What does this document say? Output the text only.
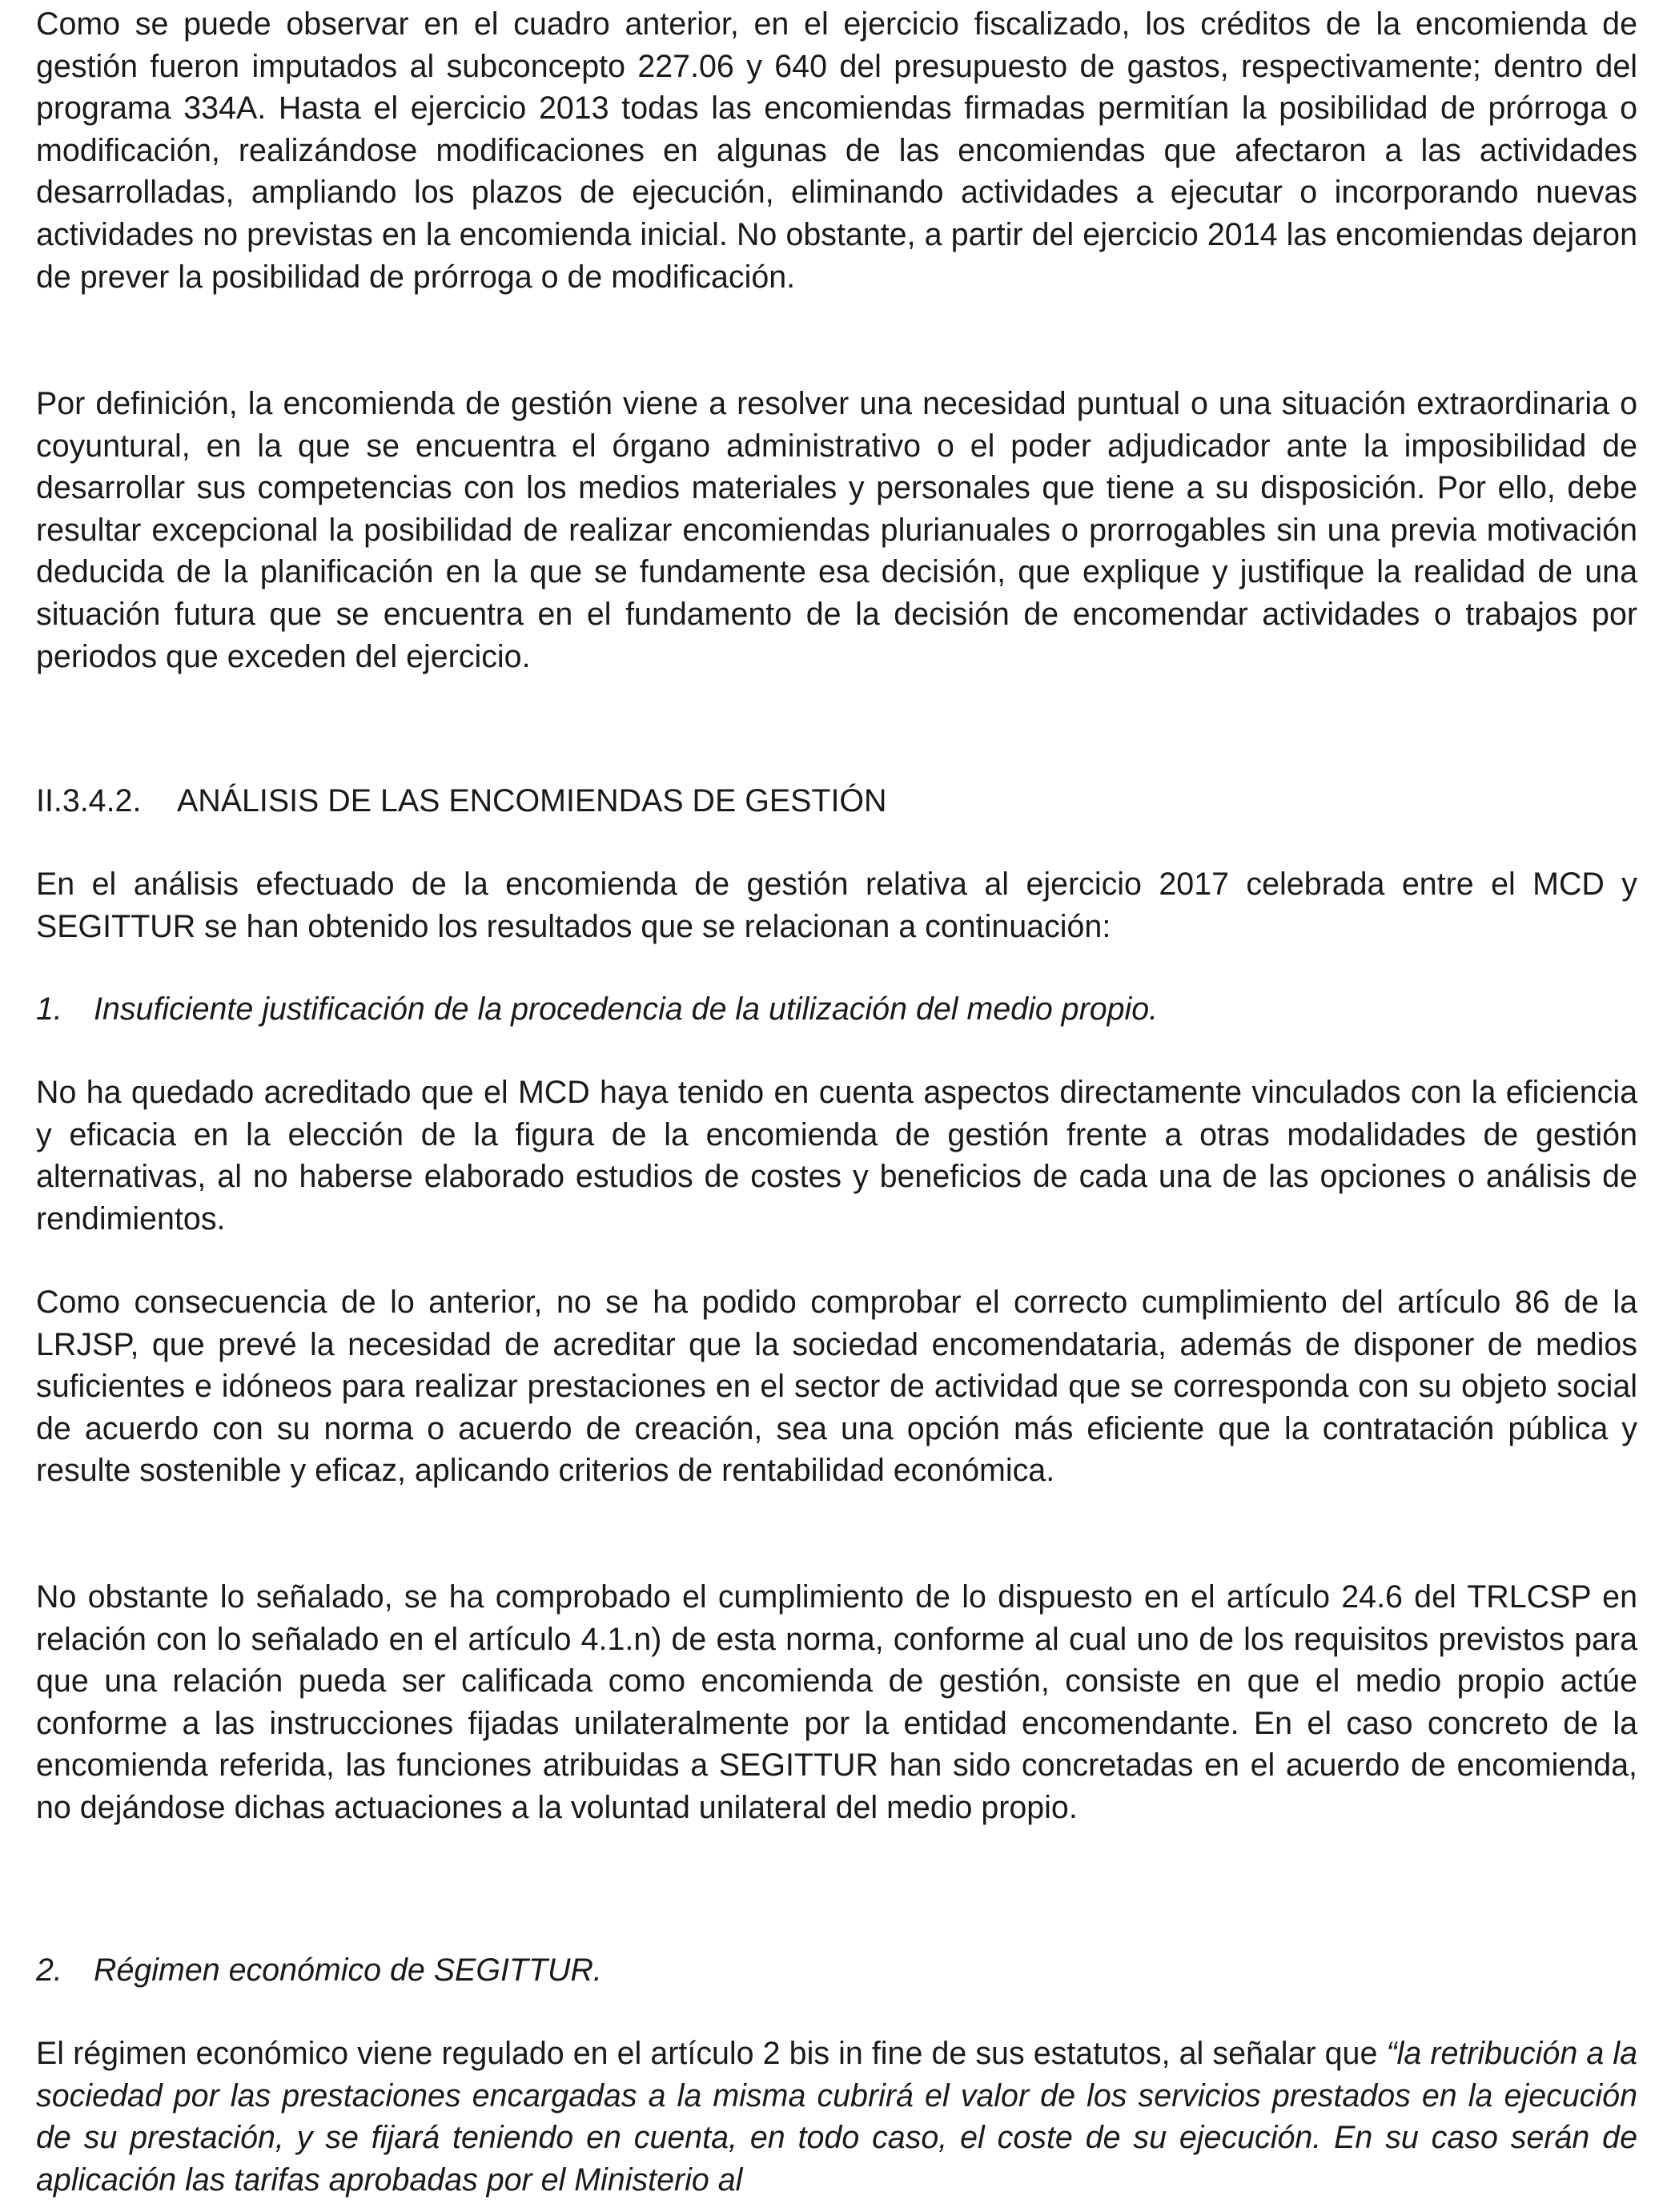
Como se puede observar en el cuadro anterior, en el ejercicio fiscalizado, los créditos de la encomienda de gestión fueron imputados al subconcepto 227.06 y 640 del presupuesto de gastos, respectivamente; dentro del programa 334A. Hasta el ejercicio 2013 todas las encomiendas firmadas permitían la posibilidad de prórroga o modificación, realizándose modificaciones en algunas de las encomiendas que afectaron a las actividades desarrolladas, ampliando los plazos de ejecución, eliminando actividades a ejecutar o incorporando nuevas actividades no previstas en la encomienda inicial. No obstante, a partir del ejercicio 2014 las encomiendas dejaron de prever la posibilidad de prórroga o de modificación.

Por definición, la encomienda de gestión viene a resolver una necesidad puntual o una situación extraordinaria o coyuntural, en la que se encuentra el órgano administrativo o el poder adjudicador ante la imposibilidad de desarrollar sus competencias con los medios materiales y personales que tiene a su disposición. Por ello, debe resultar excepcional la posibilidad de realizar encomiendas plurianuales o prorrogables sin una previa motivación deducida de la planificación en la que se fundamente esa decisión, que explique y justifique la realidad de una situación futura que se encuentra en el fundamento de la decisión de encomendar actividades o trabajos por periodos que exceden del ejercicio.

II.3.4.2. ANÁLISIS DE LAS ENCOMIENDAS DE GESTIÓN

En el análisis efectuado de la encomienda de gestión relativa al ejercicio 2017 celebrada entre el MCD y SEGITTUR se han obtenido los resultados que se relacionan a continuación:

1. Insuficiente justificación de la procedencia de la utilización del medio propio.

No ha quedado acreditado que el MCD haya tenido en cuenta aspectos directamente vinculados con la eficiencia y eficacia en la elección de la figura de la encomienda de gestión frente a otras modalidades de gestión alternativas, al no haberse elaborado estudios de costes y beneficios de cada una de las opciones o análisis de rendimientos.

Como consecuencia de lo anterior, no se ha podido comprobar el correcto cumplimiento del artículo 86 de la LRJSP, que prevé la necesidad de acreditar que la sociedad encomendataria, además de disponer de medios suficientes e idóneos para realizar prestaciones en el sector de actividad que se corresponda con su objeto social de acuerdo con su norma o acuerdo de creación, sea una opción más eficiente que la contratación pública y resulte sostenible y eficaz, aplicando criterios de rentabilidad económica.

No obstante lo señalado, se ha comprobado el cumplimiento de lo dispuesto en el artículo 24.6 del TRLCSP en relación con lo señalado en el artículo 4.1.n) de esta norma, conforme al cual uno de los requisitos previstos para que una relación pueda ser calificada como encomienda de gestión, consiste en que el medio propio actúe conforme a las instrucciones fijadas unilateralmente por la entidad encomendante. En el caso concreto de la encomienda referida, las funciones atribuidas a SEGITTUR han sido concretadas en el acuerdo de encomienda, no dejándose dichas actuaciones a la voluntad unilateral del medio propio.

2. Régimen económico de SEGITTUR.

El régimen económico viene regulado en el artículo 2 bis in fine de sus estatutos, al señalar que “la retribución a la sociedad por las prestaciones encargadas a la misma cubrirá el valor de los servicios prestados en la ejecución de su prestación, y se fijará teniendo en cuenta, en todo caso, el coste de su ejecución. En su caso serán de aplicación las tarifas aprobadas por el Ministerio al
